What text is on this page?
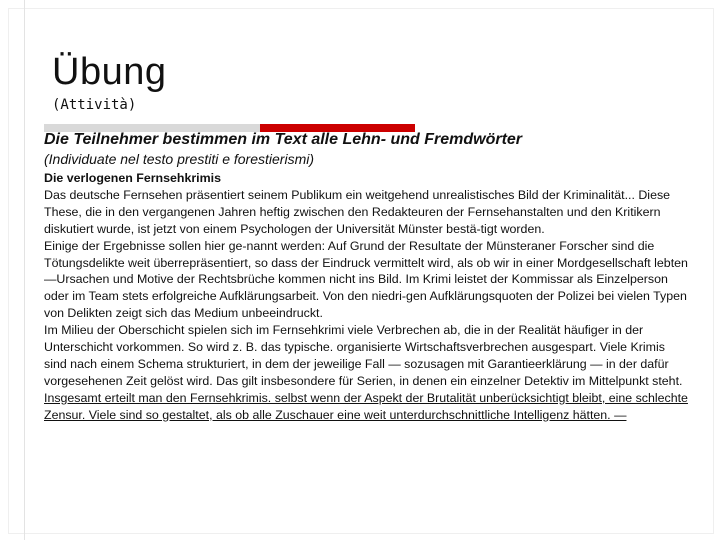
Übung
(Attività)
Die Teilnehmer bestimmen im Text alle Lehn- und Fremdwörter
(Individuate nel testo prestiti e forestierismi)

Die verlogenen Fernsehkrimis

Das deutsche Fernsehen präsentiert seinem Publikum ein weitgehend unrealistisches Bild der Kriminalität... Diese These, die in den vergangenen Jahren heftig zwischen den Redakteuren der Fernsehanstalten und den Kritikern diskutiert wurde, ist jetzt von einem Psychologen der Universität Münster bestä-tigt worden.

Einige der Ergebnisse sollen hier ge-nannt werden: Auf Grund der Resultate der Münsteraner Forscher sind die Tötungsdelikte weit überrepräsentiert, so dass der Eindruck vermittelt wird, als ob wir in einer Mordgesellschaft lebten —Ursachen und Motive der Rechtsbrüche kommen nicht ins Bild. Im Krimi leistet der Kommissar als Einzelperson oder im Team stets erfolgreiche Aufklärungsarbeit. Von den niedri-gen Aufklärungsquoten der Polizei bei vielen Typen von Delikten zeigt sich das Medium unbeeindruckt.

Im Milieu der Oberschicht spielen sich im Fernsehkrimi viele Verbrechen ab, die in der Realität häufiger in der Unterschicht vorkommen. So wird z. B. das typische. organisierte Wirtschaftsverbrechen ausgespart. Viele Krimis sind nach einem Schema strukturiert, in dem der jeweilige Fall — sozusagen mit Garantieerklärung — in der dafür vorgesehenen Zeit gelöst wird. Das gilt insbesondere für Serien, in denen ein einzelner Detektiv im Mittelpunkt steht.

Insgesamt erteilt man den Fernsehkrimis. selbst wenn der Aspekt der Brutalität unberücksichtigt bleibt, eine schlechte Zensur. Viele sind so gestaltet, als ob alle Zuschauer eine weit unterdurchschnittliche Intelligenz hätten. —
